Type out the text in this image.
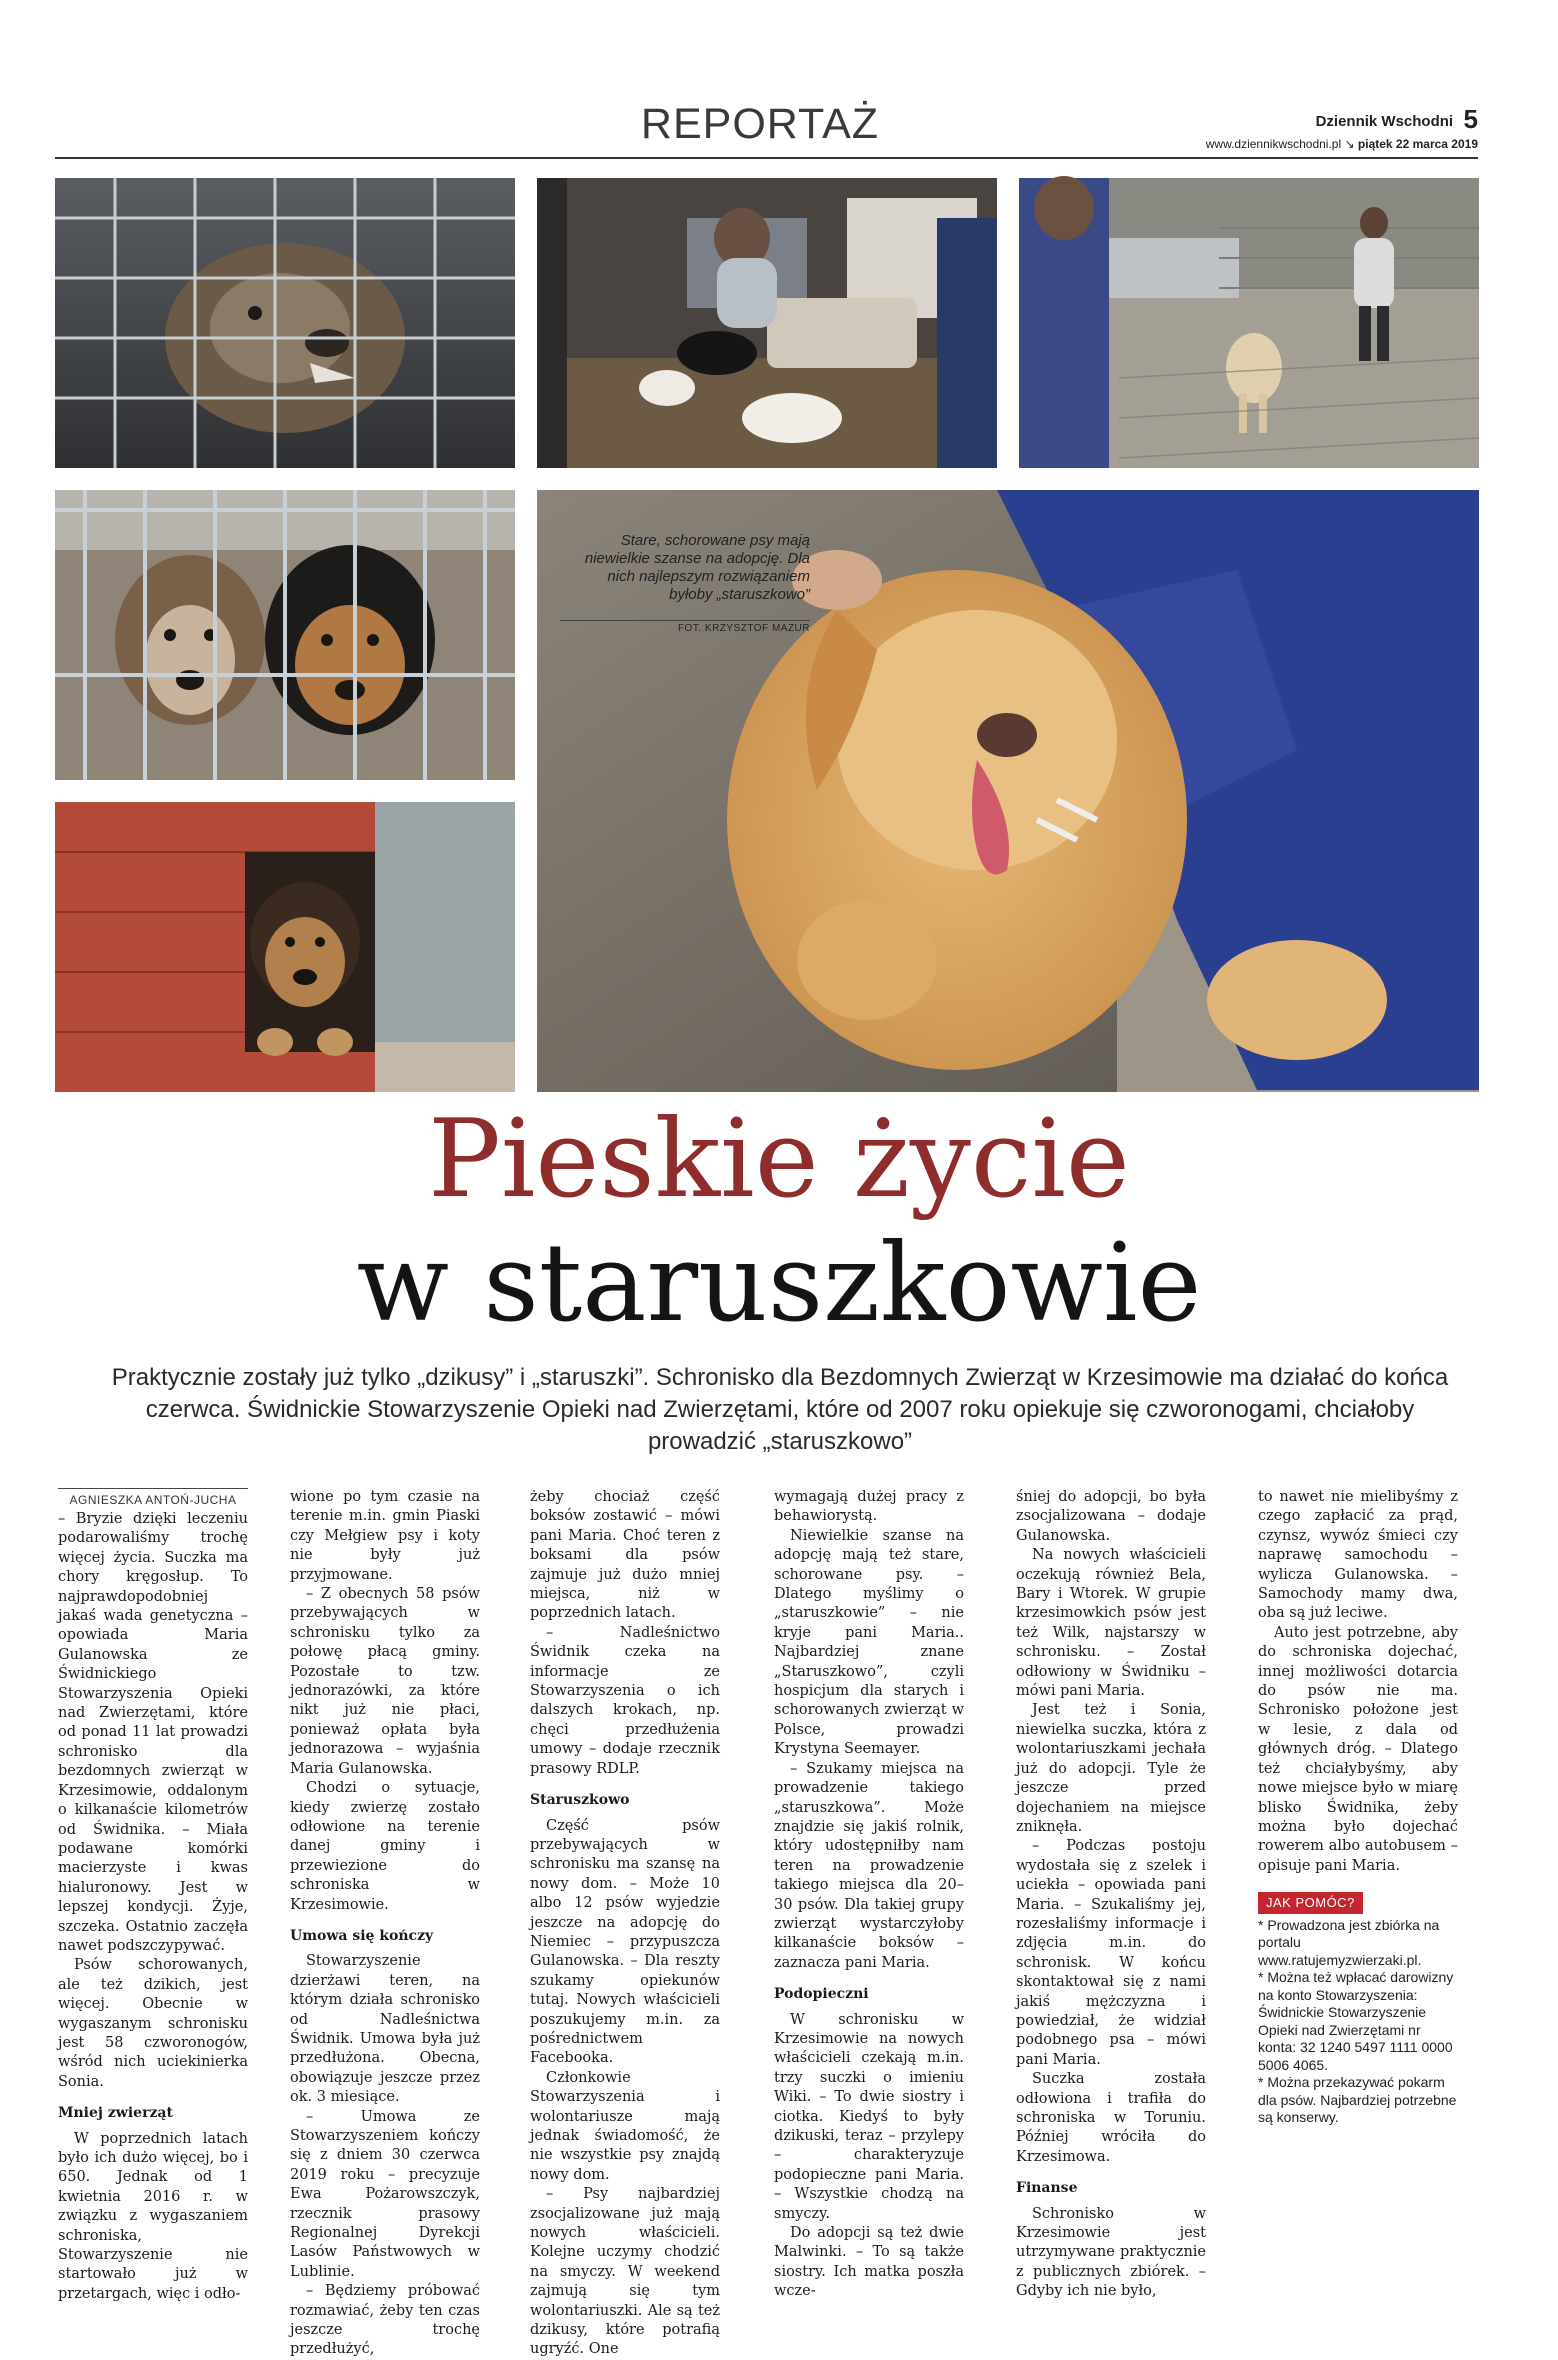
REPORTAŻ	Dziennik Wschodni 5
www.dziennikwschodni.pl ↘ piątek 22 marca 2019
Stare, schorowane psy mają niewielkie szanse na adopcję. Dla nich najlepszym rozwiązaniem byłoby „staruszkowo”
FOT. KRZYSZTOF MAZUR
Pieskie życie
w staruszkowie
Praktycznie zostały już tylko „dzikusy” i „staruszki”. Schronisko dla Bezdomnych Zwierząt w Krzesimowie ma działać do końca czerwca. Świdnickie Stowarzyszenie Opieki nad Zwierzętami, które od 2007 roku opiekuje się czworonogami, chciałoby prowadzić „staruszkowo”
AGNIESZKA ANTOŃ-JUCHA

– Bryzie dzięki leczeniu podarowaliśmy trochę więcej życia. Suczka ma chory kręgosłup. To najprawdopodobniej jakaś wada genetyczna – opowiada Maria Gulanowska ze Świdnickiego Stowarzyszenia Opieki nad Zwierzętami, które od ponad 11 lat prowadzi schronisko dla bezdomnych zwierząt w Krzesimowie, oddalonym o kilkanaście kilometrów od Świdnika. – Miała podawane komórki macierzyste i kwas hialuronowy. Jest w lepszej kondycji. Żyje, szczeka. Ostatnio zaczęła nawet podszczypywać.

Psów schorowanych, ale też dzikich, jest więcej. Obecnie w wygaszanym schronisku jest 58 czworonogów, wśród nich uciekinierka Sonia.

Mniej zwierząt

W poprzednich latach było ich dużo więcej, bo i 650. Jednak od 1 kwietnia 2016 r. w związku z wygaszaniem schroniska, Stowarzyszenie nie startowało już w przetargach, więc i odło-

wione po tym czasie na terenie m.in. gmin Piaski czy Mełgiew psy i koty nie były już przyjmowane.

– Z obecnych 58 psów przebywających w schronisku tylko za połowę płacą gminy. Pozostałe to tzw. jednorazówki, za które nikt już nie płaci, ponieważ opłata była jednorazowa – wyjaśnia Maria Gulanowska.

Chodzi o sytuacje, kiedy zwierzę zostało odłowione na terenie danej gminy i przewiezione do schroniska w Krzesimowie.

Umowa się kończy

Stowarzyszenie dzierżawi teren, na którym działa schronisko od Nadleśnictwa Świdnik. Umowa była już przedłużona. Obecna, obowiązuje jeszcze przez ok. 3 miesiące.

– Umowa ze Stowarzyszeniem kończy się z dniem 30 czerwca 2019 roku – precyzuje Ewa Pożarowszczyk, rzecznik prasowy Regionalnej Dyrekcji Lasów Państwowych w Lublinie.

– Będziemy próbować rozmawiać, żeby ten czas jeszcze trochę przedłużyć,

żeby chociaż część boksów zostawić – mówi pani Maria. Choć teren z boksami dla psów zajmuje już dużo mniej miejsca, niż w poprzednich latach.

– Nadleśnictwo Świdnik czeka na informacje ze Stowarzyszenia o ich dalszych krokach, np. chęci przedłużenia umowy – dodaje rzecznik prasowy RDLP.

Staruszkowo

Część psów przebywających w schronisku ma szansę na nowy dom. – Może 10 albo 12 psów wyjedzie jeszcze na adopcję do Niemiec – przypuszcza Gulanowska. – Dla reszty szukamy opiekunów tutaj. Nowych właścicieli poszukujemy m.in. za pośrednictwem Facebooka.

Członkowie Stowarzyszenia i wolontariusze mają jednak świadomość, że nie wszystkie psy znajdą nowy dom.

– Psy najbardziej zsocjalizowane już mają nowych właścicieli. Kolejne uczymy chodzić na smyczy. W weekend zajmują się tym wolontariuszki. Ale są też dzikusy, które potrafią ugryźć. One

wymagają dużej pracy z behawiorystą.

Niewielkie szanse na adopcję mają też stare, schorowane psy. – Dlatego myślimy o „staruszkowie” – nie kryje pani Maria.. Najbardziej znane „Staruszkowo”, czyli hospicjum dla starych i schorowanych zwierząt w Polsce, prowadzi Krystyna Seemayer.

– Szukamy miejsca na prowadzenie takiego „staruszkowa”. Może znajdzie się jakiś rolnik, który udostępniłby nam teren na prowadzenie takiego miejsca dla 20–30 psów. Dla takiej grupy zwierząt wystarczyłoby kilkanaście boksów – zaznacza pani Maria.

Podopieczni

W schronisku w Krzesimowie na nowych właścicieli czekają m.in. trzy suczki o imieniu Wiki. – To dwie siostry i ciotka. Kiedyś to były dzikuski, teraz – przylepy – charakteryzuje podopieczne pani Maria. – Wszystkie chodzą na smyczy.

Do adopcji są też dwie Malwinki. – To są także siostry. Ich matka poszła wcze-

śniej do adopcji, bo była zsocjalizowana – dodaje Gulanowska.

Na nowych właścicieli oczekują również Bela, Bary i Wtorek. W grupie krzesimowkich psów jest też Wilk, najstarszy w schronisku. – Został odłowiony w Świdniku – mówi pani Maria.

Jest też i Sonia, niewielka suczka, która z wolontariuszkami jechała już do adopcji. Tyle że jeszcze przed dojechaniem na miejsce zniknęła.

– Podczas postoju wydostała się z szelek i uciekła – opowiada pani Maria. – Szukaliśmy jej, rozesłaliśmy informacje i zdjęcia m.in. do schronisk. W końcu skontaktował się z nami jakiś mężczyzna i powiedział, że widział podobnego psa – mówi pani Maria.

Suczka została odłowiona i trafiła do schroniska w Toruniu. Później wróciła do Krzesimowa.

Finanse

Schronisko w Krzesimowie jest utrzymywane praktycznie z publicznych zbiórek. – Gdyby ich nie było,

to nawet nie mielibyśmy z czego zapłacić za prąd, czynsz, wywóz śmieci czy naprawę samochodu – wylicza Gulanowska. – Samochody mamy dwa, oba są już leciwe.

Auto jest potrzebne, aby do schroniska dojechać, innej możliwości dotarcia do psów nie ma. Schronisko położone jest w lesie, z dala od głównych dróg. – Dlatego też chciałybyśmy, aby nowe miejsce było w miarę blisko Świdnika, żeby można było dojechać rowerem albo autobusem – opisuje pani Maria.

JAK POMÓC?

* Prowadzona jest zbiórka na portalu www.ratujemyzwierzaki.pl.

* Można też wpłacać darowizny na konto Stowarzyszenia: Świdnickie Stowarzyszenie Opieki nad Zwierzętami nr konta: 32 1240 5497 1111 0000 5006 4065.

* Można przekazywać pokarm dla psów. Najbardziej potrzebne są konserwy.
